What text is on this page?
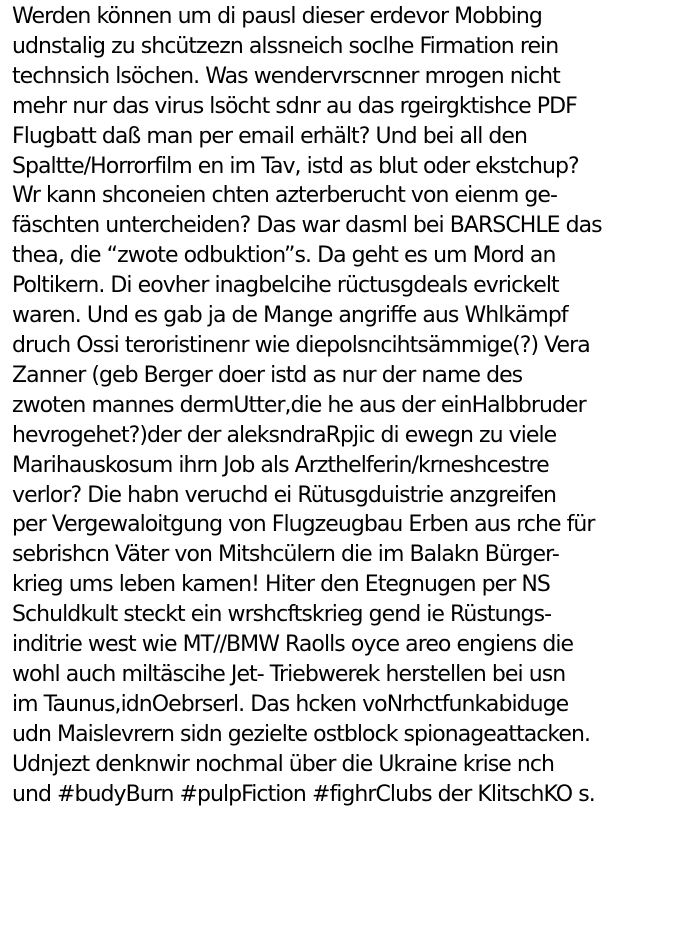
Werden können um di pausl dieser erdevor Mobbing
udnstalig zu shcützezn alssneich soclhe Firmation rein
technsich lsöchen. Was wendervrscnner mrogen nicht
mehr nur das virus lsöcht sdnr au das rgeirgktishce PDF
Flugbatt daß man per email erhält? Und bei all den
Spaltte/Horrorfilm en im Tav, istd as blut oder ekstchup?
Wr kann shconeien chten azterberucht von eienm ge-
fäschten untercheiden? Das war dasml bei BARSCHLE das
thea, die “zwote odbuktion”s. Da geht es um Mord an
Poltikern. Di eovher inagbelcihe rüctusgdeals evrickelt
waren. Und es gab ja de Mange angriffe aus Whlkämpf
druch Ossi teroristinenr wie diepolsncihtsämmige(?) Vera
Zanner (geb Berger doer istd as nur der name des
zwoten mannes dermUtter,die he aus der einHalbbruder
hevrogehet?)der der aleksndraRpjic di ewegn zu viele
Marihauskosum ihrn Job als Arzthelferin/krneshcestre
verlor? Die habn veruchd ei Rütusgduistrie anzgreifen
per Vergewaloitgung von Flugzeugbau Erben aus rche für
sebrishcn Väter von Mitshcülern die im Balakn Bürger-
krieg ums leben kamen! Hiter den Etegnugen per NS
Schuldkult steckt ein wrshcftskrieg gend ie Rüstungs-
inditrie west wie MT//BMW Raolls oyce areo engiens die
wohl auch miltäscihe Jet- Triebwerek herstellen bei usn
im Taunus,idnOebrserl. Das hcken voNrhctfunkabiduge
udn Maislevrern sidn gezielte ostblock spionageattacken.
Udnjezt denknwir nochmal über die Ukraine krise nch
und #budyBurn #pulpFiction #fighrClubs der KlitschKO s.
